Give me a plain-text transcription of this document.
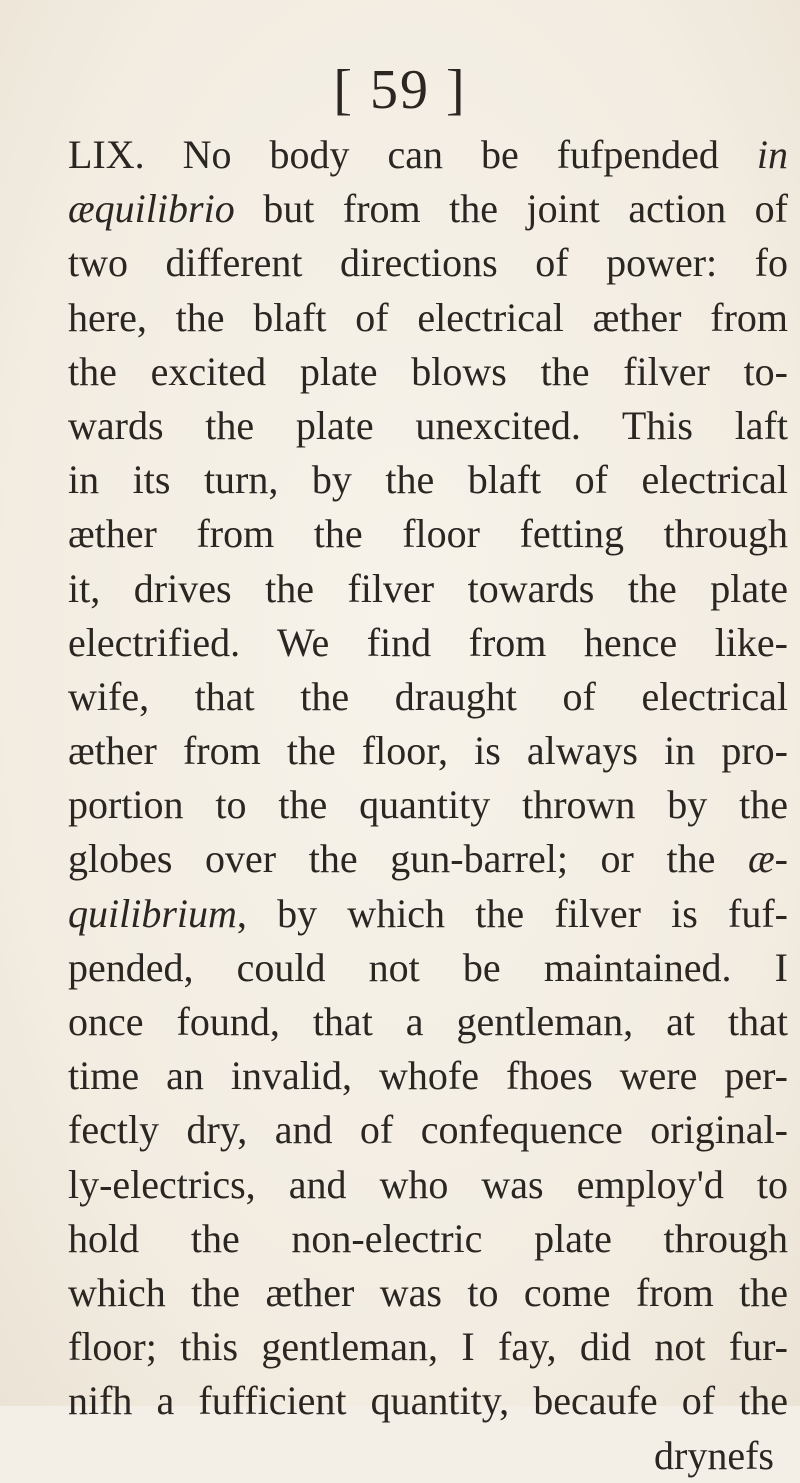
[ 59 ]
LIX. No body can be fufpended in
æquilibrio but from the joint action of
two different directions of power: fo
here, the blaft of electrical æther from
the excited plate blows the filver to-
wards the plate unexcited. This laft
in its turn, by the blaft of electrical
æther from the floor fetting through
it, drives the filver towards the plate
electrified. We find from hence like-
wife, that the draught of electrical
æther from the floor, is always in pro-
portion to the quantity thrown by the
globes over the gun-barrel; or the æ-
quilibrium, by which the filver is fuf-
pended, could not be maintained. I
once found, that a gentleman, at that
time an invalid, whofe fhoes were per-
fectly dry, and of confequence original-
ly-electrics, and who was employ'd to
hold the non-electric plate through
which the æther was to come from the
floor; this gentleman, I fay, did not fur-
nifh a fufficient quantity, becaufe of the
drynefs
